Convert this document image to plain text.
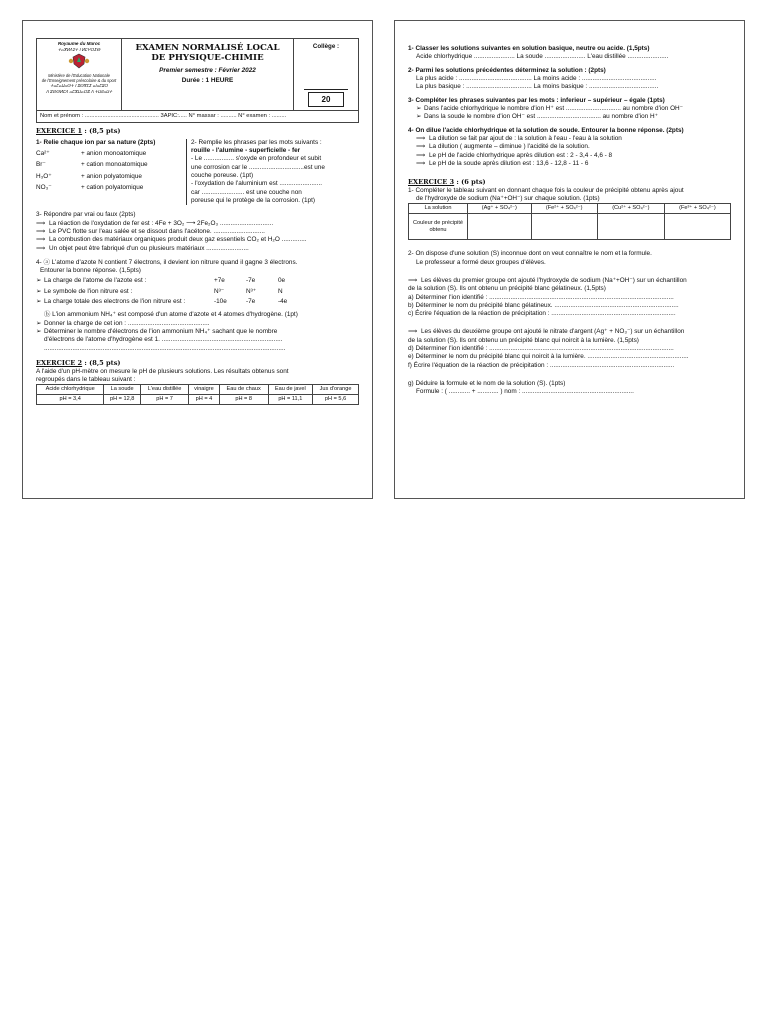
Royaume du Maroc
ⵜⴰⴳⵍⴷⵉⵜ ⵏ ⵍⵎⵖⵔⵉⴱ
Ministère de l'Education Nationale
de l'Enseignement préscolaire & du sport
ⵜⴰⵎⴰⵡⴰⵙⵜ ⵏ ⵓⵙⴳⵎⵉ ⴰⵏⴰⵎⵓⵔ
ⴷ ⵓⵙⵙⵍⵎⴷ ⴰⵎⵣⵡⴰⵔⵓ ⴷ ⵜⵡⵏⵏⴰⵡⵜ
EXAMEN NORMALISÉ LOCAL
DE PHYSIQUE-CHIMIE
Premier semestre : Février 2022
Durée : 1 HEURE
Collège :
20
Nom et prénom : .............................................. 3APIC:..... N° massar : .......... N° examen : .........

EXERCICE 1 : (8,5 pts)

1- Relie chaque ion par sa nature (2pts)

Ca²⁺	+ anion monoatomique
Br⁻	+ cation monoatomique
H₃O⁺	+ anion polyatomique
NO₃⁻	+ cation polyatomique

2- Remplie les phrases par les mots suivants :

rouille - l'alumine - superficielle - fer

- Le ................. s'oxyde en profondeur et subit

une corrosion car le ...............................est une

couche poreuse. (1pt)

- l'oxydation de l'aluminium est ........................

car ........................ est une couche non

poreuse qui le protège de la corrosion. (1pt)

3- Répondre par vrai ou faux (2pts)

⟹ La réaction de l'oxydation de fer est : 4Fe + 3O₂ ⟶ 2Fe₂O₃ ..............................

⟹ Le PVC flotte sur l'eau salée et se dissout dans l'acétone. .............................

⟹ La combustion des matériaux organiques produit deux gaz essentiels CO₂ et H₂O ..............

⟹ Un objet peut être fabriqué d'un ou plusieurs matériaux ........................

4- ⓐ L'atome d'azote N contient 7 électrons, il devient ion nitrure quand il gagne 3 électrons.

Entourer la bonne réponse. (1,5pts)

➢ La charge de l'atome de l'azote est :	+7e	-7e	0e
➢ Le symbole de l'ion nitrure est :	N³⁻	N³⁺	N
➢ La charge totale des electrons de l'ion nitrure est :	-10e	-7e	-4e

ⓑ L'ion ammonium NH₄⁺ est composé d'un atome d'azote et 4 atomes d'hydrogène. (1pt)

➢ Donner la charge de cet ion : ..............................................

➢ Déterminer le nombre d'électrons de l'ion ammonium NH₄⁺ sachant que le nombre

d'électrons de l'atome d'hydrogène est 1. ....................................................................

........................................................................................................................................

EXERCICE 2 : (8,5 pts)

A l'aide d'un pH-mètre on mesure le pH de plusieurs solutions. Les résultats obtenus sont

regroupés dans le tableau suivant :

Acide chlorhydrique	La soude	L'eau distillée	vinaigre	Eau de chaux	Eau de javel	Jus d'orange
pH = 3,4	pH = 12,8	pH = 7	pH = 4	pH = 8	pH = 11,1	pH = 5,6

1- Classer les solutions suivantes en solution basique, neutre ou acide. (1,5pts)

Acide chlorhydrique ....................... La soude ....................... L'eau distillée .......................

2- Parmi les solutions précédentes déterminez la solution : (2pts)

La plus acide : ......................................... La moins acide : ..........................................

La plus basique : ..................................... La moins basique : .......................................

3- Compléter les phrases suivantes par les mots : inferieur – supérieur – égale (1pts)

➢ Dans l'acide chlorhydrique le nombre d'ion H⁺ est ............................... au nombre d'ion OH⁻

➢ Dans la soude le nombre d'ion OH⁻ est .................................... au nombre d'ion H⁺

4- On dilue l'acide chlorhydrique et la solution de soude. Entourer la bonne réponse. (2pts)

⟹ La dilution se fait par ajout de : la solution à l'eau - l'eau à la solution

⟹ La dilution ( augmente – diminue ) l'acidité de la solution.

⟹ Le pH de l'acide chlorhydrique après dilution est : 2 - 3,4 - 4,6 - 8

⟹ Le pH de la soude après dilution est : 13,6 - 12,8 - 11 - 6

EXERCICE 3 : (6 pts)

1- Compléter le tableau suivant en donnant chaque fois la couleur de précipité obtenu après ajout

de l'hydroxyde de sodium (Na⁺+OH⁻) sur chaque solution. (1pts)

La solution	(Ag⁺ + SO₄²⁻)	(Fe²⁺ + SO₄²⁻)	(Cu²⁺ + SO₄²⁻)	(Fe³⁺ + SO₄²⁻)
Couleur de précipité obtenu				

2- On dispose d'une solution (S) inconnue dont on veut connaître le nom et la formule.

Le professeur a formé deux groupes d'élèves.

⟹ Les élèves du premier groupe ont ajouté l'hydroxyde de sodium (Na⁺+OH⁻) sur un échantillon

de la solution (S). Ils ont obtenu un précipité blanc gélatineux. (1,5pts)

a) Déterminer l'ion identifié : ........................................................................................................

b) Déterminer le nom du précipité blanc gélatineux. ......................................................................

c) Écrire l'équation de la réaction de précipitation : ......................................................................

⟹ Les élèves du deuxième groupe ont ajouté le nitrate d'argent (Ag⁺ + NO₃⁻) sur un échantillon

de la solution (S). Ils ont obtenu un précipité blanc qui noircit à la lumière. (1,5pts)

d) Déterminer l'ion identifié : ........................................................................................................

e) Déterminer le nom du précipité blanc qui noircit à la lumière. .........................................................

f) Écrire l'équation de la réaction de précipitation : ......................................................................

g) Déduire la formule et le nom de la solution (S). (1pts)

Formule : ( ............ + ............ ) nom : ...............................................................
